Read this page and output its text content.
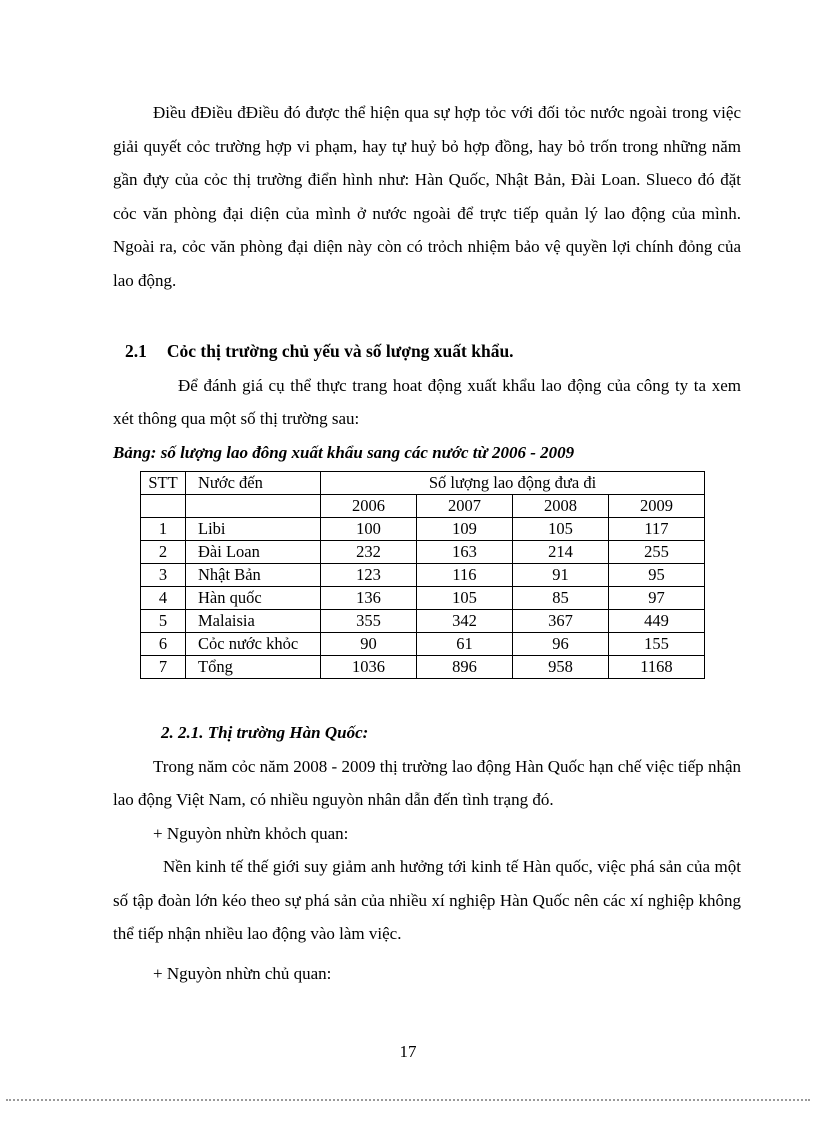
Điều đĐiều đĐiều đó được thể hiện qua sự hợp tỏc với đối tỏc nước ngoài trong việc giải quyết cỏc trường hợp vi phạm, hay tự huỷ bỏ hợp đồng, hay bỏ trốn trong những năm gần đựy của cỏc thị trường điển hình như: Hàn Quốc, Nhật Bản, Đài Loan. Slueco đó đặt cỏc văn phòng đại diện của mình ở nước ngoài để trực tiếp quản lý lao động của mình. Ngoài ra, cỏc văn phòng đại diện này còn có trỏch nhiệm bảo vệ quyền lợi chính đỏng của lao động.

2.1 Cỏc thị trường chủ yếu và số lượng xuất khẩu.

Để đánh giá cụ thể thực trang hoat động xuất khẩu lao động của công ty ta xem xét thông qua một số thị trường sau:

Bảng: số lượng lao đông xuất khẩu sang các nước từ 2006 - 2009

STT	Nước đến	Số lượng lao động đưa đi			
		2006	2007	2008	2009
1	Libi	100	109	105	117
2	Đài Loan	232	163	214	255
3	Nhật Bản	123	116	91	95
4	Hàn quốc	136	105	85	97
5	Malaisia	355	342	367	449
6	Cỏc nước khỏc	90	61	96	155
7	Tổng	1036	896	958	1168
2. 2.1. Thị trường Hàn Quốc:

Trong năm cỏc năm 2008 - 2009 thị trường lao động Hàn Quốc hạn chế việc tiếp nhận lao động Việt Nam, có nhiều nguyòn nhân dẫn đến tình trạng đó.

+ Nguyòn nhừn khỏch quan:

Nền kinh tế thế giới suy giảm anh hưởng tới kinh tế Hàn quốc, việc phá sản của một số tập đoàn lớn kéo theo sự phá sản của nhiều xí nghiệp Hàn Quốc nên các xí nghiệp không thể tiếp nhận nhiều lao động vào làm việc.

+ Nguyòn nhừn chủ quan:

17
